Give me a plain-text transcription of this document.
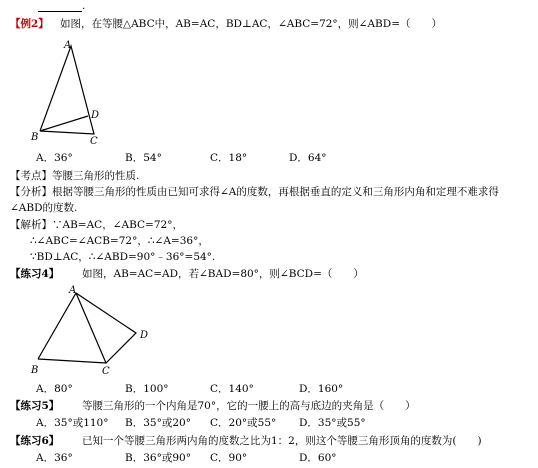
.
【例2】 如图，在等腰△ABC中，AB=AC，BD⊥AC，∠ABC=72°，则∠ABD=（　　）
A
B	C
D
A．36°	B．54°	C．18°	D．64°
【考点】等腰三角形的性质.
【分析】根据等腰三角形的性质由已知可求得∠A的度数，再根据垂直的定义和三角形内角和定理不难求得
∠ABD的度数.
【解析】∵AB=AC，∠ABC=72°，
∴∠ABC=∠ACB=72°，∴∠A=36°，
∵BD⊥AC，∴∠ABD=90°﹣36°=54°.
【练习4】 如图，AB=AC=AD，若∠BAD=80°，则∠BCD=（　　）
A
B	C
D
A．80°	B．100°	C．140°	D．160°
【练习5】 等腰三角形的一个内角是70°，它的一腰上的高与底边的夹角是（　　）
A．35°或110° B．35°或20° C．20°或55° D．35°或55°
【练习6】 已知一个等腰三角形两内角的度数之比为1：2，则这个等腰三角形顶角的度数为(　　)
A．36°	B．36°或90° C．90°	D．60°
